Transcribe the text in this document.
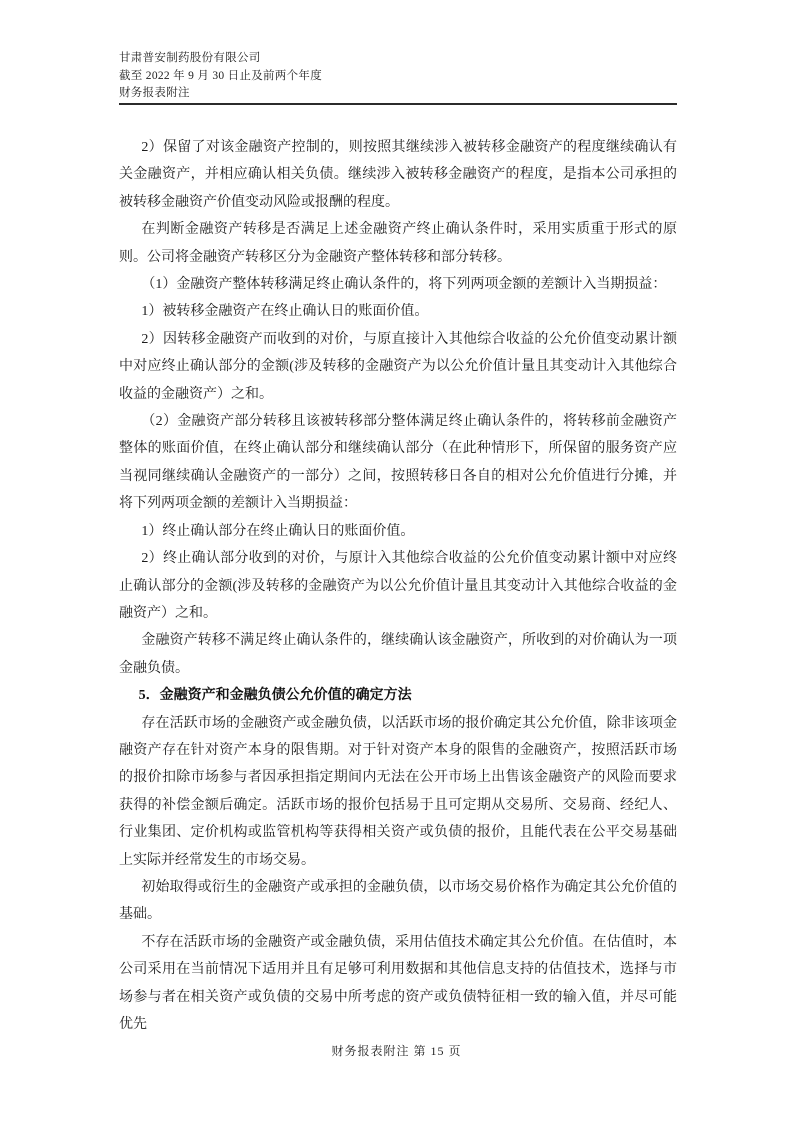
甘肃普安制药股份有限公司
截至 2022 年 9 月 30 日止及前两个年度
财务报表附注

2）保留了对该金融资产控制的，则按照其继续涉入被转移金融资产的程度继续确认有关金融资产，并相应确认相关负债。继续涉入被转移金融资产的程度，是指本公司承担的被转移金融资产价值变动风险或报酬的程度。

在判断金融资产转移是否满足上述金融资产终止确认条件时，采用实质重于形式的原则。公司将金融资产转移区分为金融资产整体转移和部分转移。

（1）金融资产整体转移满足终止确认条件的，将下列两项金额的差额计入当期损益：

1）被转移金融资产在终止确认日的账面价值。

2）因转移金融资产而收到的对价，与原直接计入其他综合收益的公允价值变动累计额中对应终止确认部分的金额(涉及转移的金融资产为以公允价值计量且其变动计入其他综合收益的金融资产）之和。

（2）金融资产部分转移且该被转移部分整体满足终止确认条件的，将转移前金融资产整体的账面价值，在终止确认部分和继续确认部分（在此种情形下，所保留的服务资产应当视同继续确认金融资产的一部分）之间，按照转移日各自的相对公允价值进行分摊，并将下列两项金额的差额计入当期损益：

1）终止确认部分在终止确认日的账面价值。

2）终止确认部分收到的对价，与原计入其他综合收益的公允价值变动累计额中对应终止确认部分的金额(涉及转移的金融资产为以公允价值计量且其变动计入其他综合收益的金融资产）之和。

金融资产转移不满足终止确认条件的，继续确认该金融资产，所收到的对价确认为一项金融负债。

5．金融资产和金融负债公允价值的确定方法

存在活跃市场的金融资产或金融负债，以活跃市场的报价确定其公允价值，除非该项金融资产存在针对资产本身的限售期。对于针对资产本身的限售的金融资产，按照活跃市场的报价扣除市场参与者因承担指定期间内无法在公开市场上出售该金融资产的风险而要求获得的补偿金额后确定。活跃市场的报价包括易于且可定期从交易所、交易商、经纪人、行业集团、定价机构或监管机构等获得相关资产或负债的报价，且能代表在公平交易基础上实际并经常发生的市场交易。

初始取得或衍生的金融资产或承担的金融负债，以市场交易价格作为确定其公允价值的基础。

不存在活跃市场的金融资产或金融负债，采用估值技术确定其公允价值。在估值时，本公司采用在当前情况下适用并且有足够可利用数据和其他信息支持的估值技术，选择与市场参与者在相关资产或负债的交易中所考虑的资产或负债特征相一致的输入值，并尽可能优先

财务报表附注 第 15 页
